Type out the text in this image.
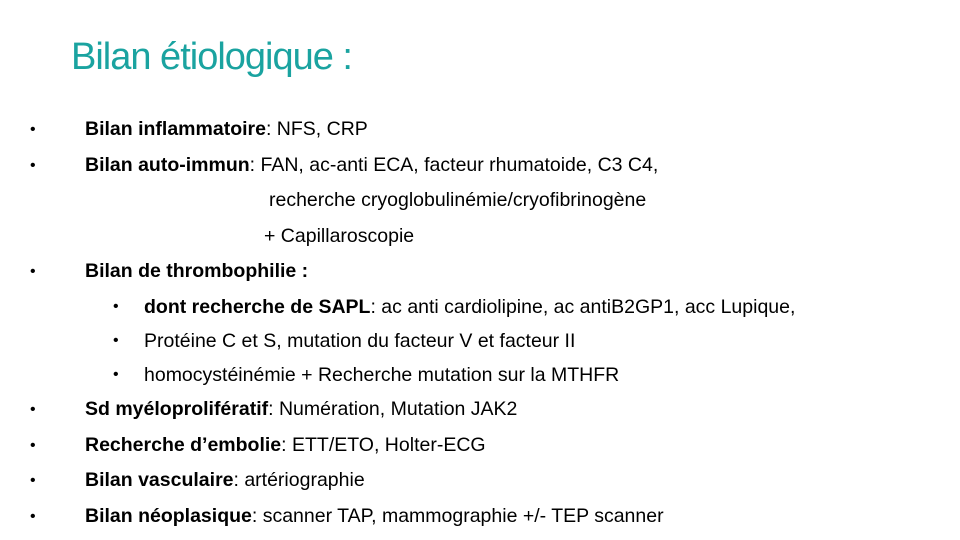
Bilan étiologique :
•	Bilan inflammatoire: NFS, CRP
•	Bilan auto-immun: FAN, ac-anti ECA, facteur rhumatoide, C3 C4,
recherche cryoglobulinémie/cryofibrinogène
+ Capillaroscopie
•	Bilan de thrombophilie :
• dont recherche de SAPL: ac anti cardiolipine, ac antiB2GP1, acc Lupique,
• Protéine C et S, mutation du facteur V et facteur II
• homocystéinémie + Recherche mutation sur la MTHFR
•	Sd myéloprolifératif: Numération, Mutation JAK2
•	Recherche d’embolie: ETT/ETO, Holter-ECG
•	Bilan vasculaire: artériographie
•	Bilan néoplasique: scanner TAP, mammographie +/- TEP scanner
